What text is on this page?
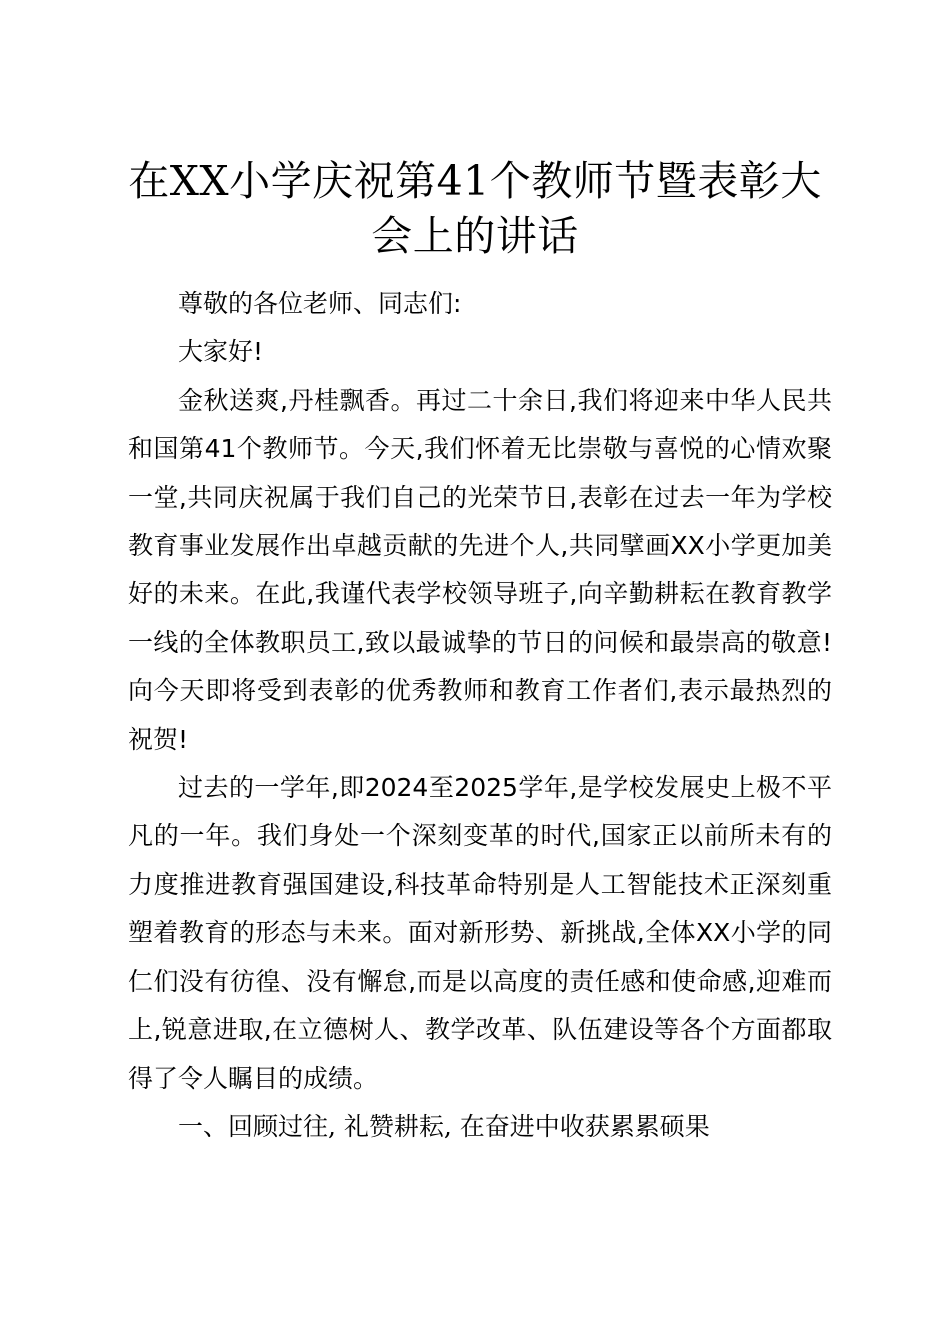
在XX小学庆祝第41个教师节暨表彰大会上的讲话

尊敬的各位老师、同志们:

大家好!

金秋送爽,丹桂飘香。再过二十余日,我们将迎来中华人民共和国第41个教师节。今天,我们怀着无比崇敬与喜悦的心情欢聚一堂,共同庆祝属于我们自己的光荣节日,表彰在过去一年为学校教育事业发展作出卓越贡献的先进个人,共同擘画XX小学更加美好的未来。在此,我谨代表学校领导班子,向辛勤耕耘在教育教学一线的全体教职员工,致以最诚挚的节日的问候和最崇高的敬意!向今天即将受到表彰的优秀教师和教育工作者们,表示最热烈的祝贺!

过去的一学年,即2024至2025学年,是学校发展史上极不平凡的一年。我们身处一个深刻变革的时代,国家正以前所未有的力度推进教育强国建设,科技革命特别是人工智能技术正深刻重塑着教育的形态与未来。面对新形势、新挑战,全体XX小学的同仁们没有彷徨、没有懈怠,而是以高度的责任感和使命感,迎难而上,锐意进取,在立德树人、教学改革、队伍建设等各个方面都取得了令人瞩目的成绩。

一、回顾过往, 礼赞耕耘, 在奋进中收获累累硕果
